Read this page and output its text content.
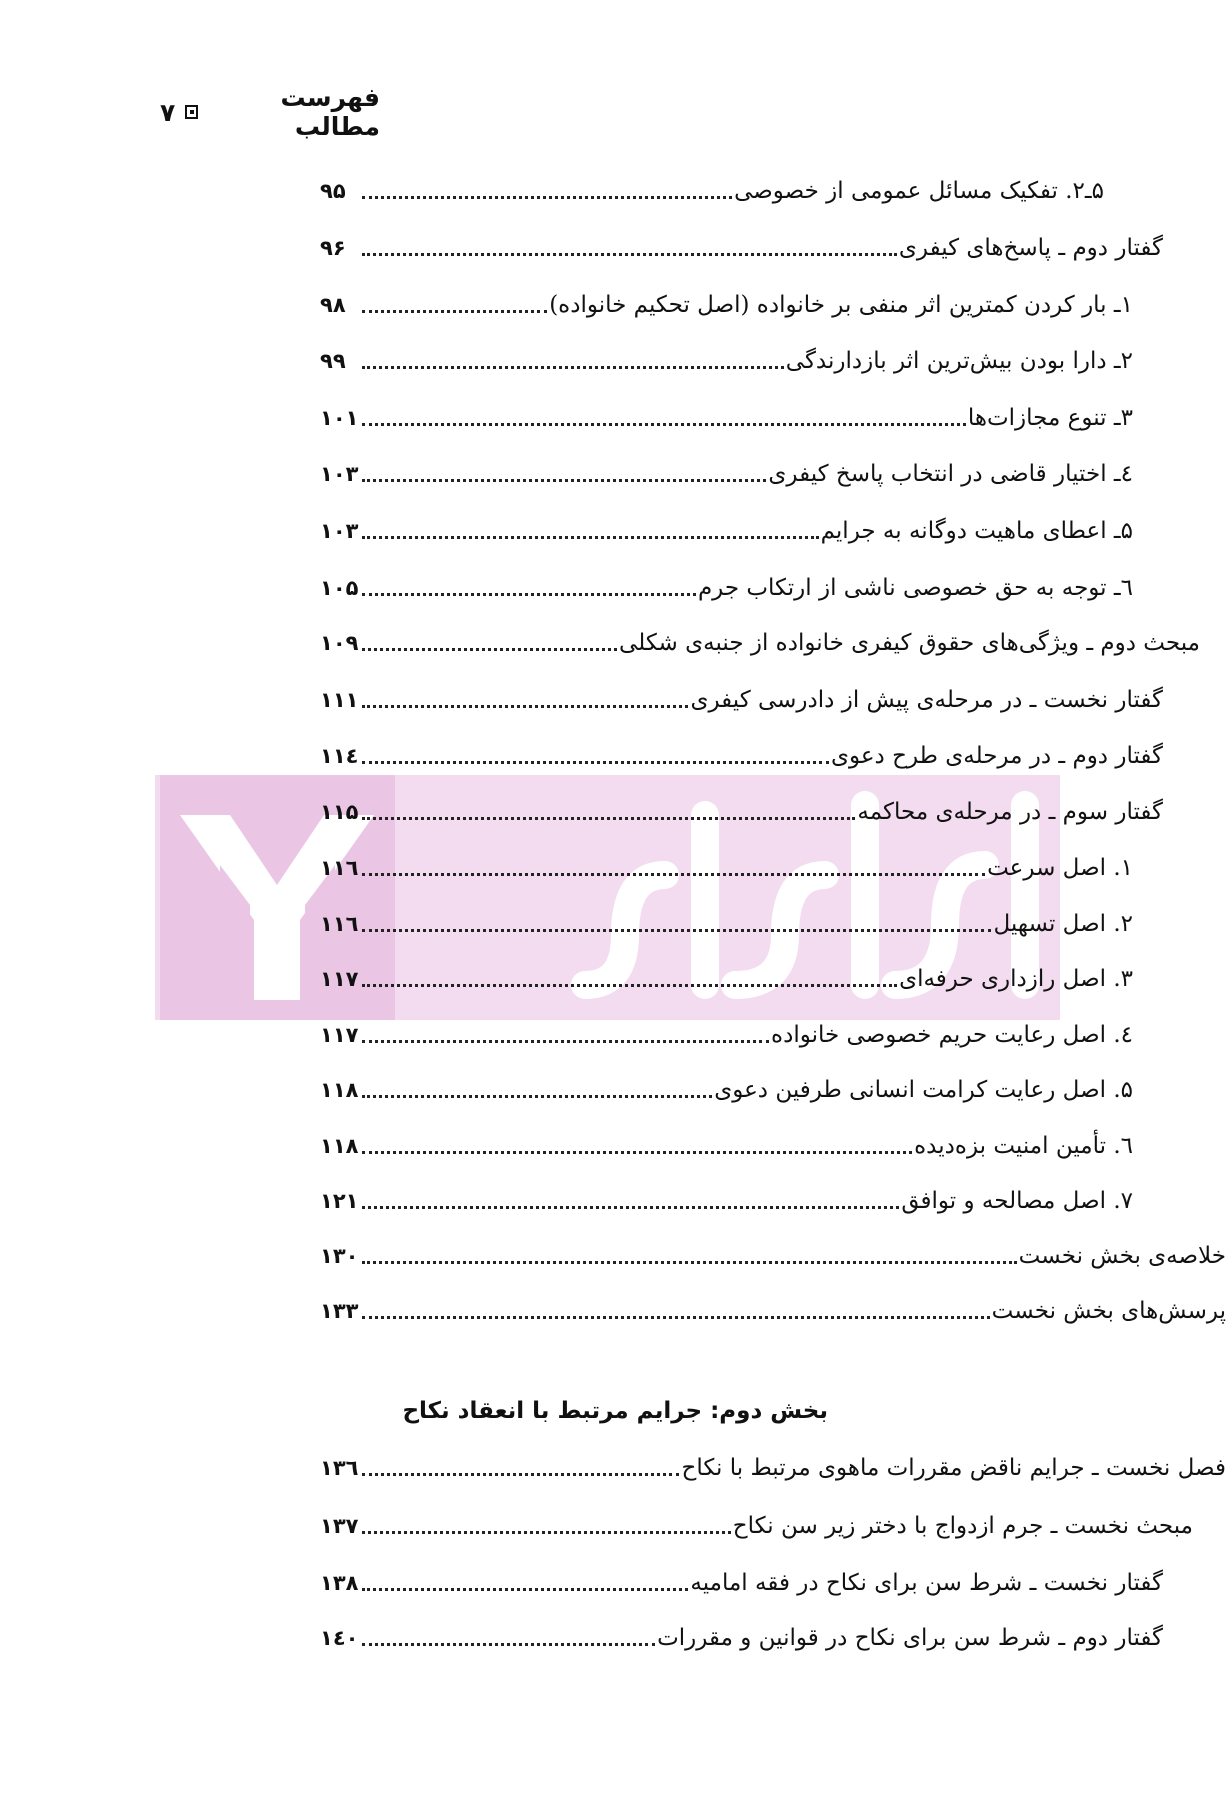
فهرست مطالب
۷
۵ـ۲. تفکیک مسائل عمومی از خصوصی
۹۵
گفتار دوم ـ پاسخ‌های کیفری
۹۶
۱ـ بار کردن کمترین اثر منفی بر خانواده (اصل تحکیم خانواده)
۹۸
۲ـ دارا بودن بیش‌ترین اثر بازدارندگی
۹۹
۳ـ تنوع مجازات‌ها
۱۰۱
٤ـ اختیار قاضی در انتخاب پاسخ کیفری
۱۰۳
۵ـ اعطای ماهیت دوگانه به جرایم
۱۰۳
٦ـ توجه به حق خصوصی ناشی از ارتکاب جرم
۱۰۵
مبحث دوم ـ ویژگی‌های حقوق کیفری خانواده از جنبه‌ی شکلی
۱۰۹
گفتار نخست ـ در مرحله‌ی پیش از دادرسی کیفری
۱۱۱
گفتار دوم ـ در مرحله‌ی طرح دعوی
۱۱٤
گفتار سوم ـ در مرحله‌ی محاکمه
۱۱۵
۱. اصل سرعت
۱۱٦
۲. اصل تسهیل
۱۱٦
۳. اصل رازداری حرفه‌ای
۱۱۷
٤. اصل رعایت حریم خصوصی خانواده
۱۱۷
۵. اصل رعایت کرامت انسانی طرفین دعوی
۱۱۸
٦. تأمین امنیت بزه‌دیده
۱۱۸
۷. اصل مصالحه و توافق
۱۲۱
خلاصه‌ی بخش نخست
۱۳۰
پرسش‌های بخش نخست
۱۳۳
بخش دوم: جرایم مرتبط با انعقاد نکاح
فصل نخست ـ جرایم ناقض مقررات ماهوی مرتبط با نکاح
۱۳٦
مبحث نخست ـ جرم ازدواج با دختر زیر سن نکاح
۱۳۷
گفتار نخست ـ شرط سن برای نکاح در فقه امامیه
۱۳۸
گفتار دوم ـ شرط سن برای نکاح در قوانین و مقررات
۱٤۰
